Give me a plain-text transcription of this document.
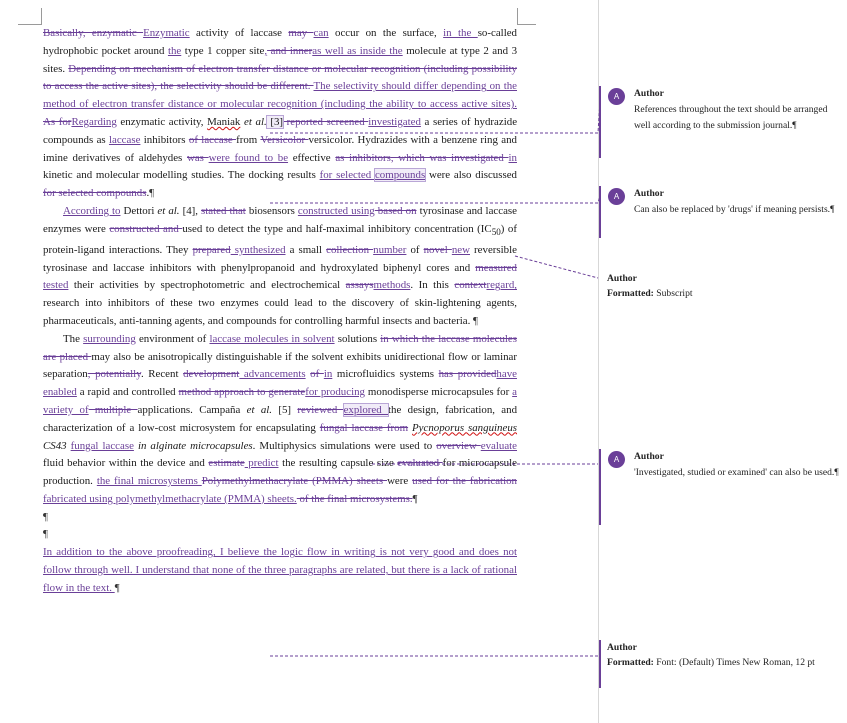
Basically, enzymatic Enzymatic activity of laccase may can occur on the surface, in the so-called hydrophobic pocket around the type 1 copper site, and inneras well as inside the molecule at type 2 and 3 sites. Depending on mechanism of electron transfer distance or molecular recognition (including possibility to access the active sites), the selectivity should be different. The selectivity should differ depending on the method of electron transfer distance or molecular recognition (including the ability to access active sites). As forRegarding enzymatic activity, Maniak et al. [3] reported screened investigated a series of hydrazide compounds as laccase inhibitors of laccase from Versicolor versicolor. Hydrazides with a benzene ring and imine derivatives of aldehydes was were found to be effective as inhibitors, which was investigated in kinetic and molecular modelling studies. The docking results for selected compounds were also discussed for selected compounds.¶

According to Dettori et al. [4], stated that biosensors constructed using based on tyrosinase and laccase enzymes were constructed and used to detect the type and half-maximal inhibitory concentration $(IC_{50})$ of protein-ligand interactions. They prepared synthesized a small collection number of novel new reversible tyrosinase and laccase inhibitors with phenylpropanoid and hydroxylated biphenyl cores and measured tested their activities by spectrophotometric and electrochemical assaysmethods. In this contextregard, research into inhibitors of these two enzymes could lead to the discovery of skin-lightening agents, pharmaceuticals, anti-tanning agents, and compounds for controlling harmful insects and bacteria. ¶

The surrounding environment of laccase molecules in solvent solutions in which the laccase molecules are placed may also be anisotropically distinguishable if the solvent exhibits unidirectional flow or laminar separation, potentially. Recent development advancements of in microfluidics systems has providedhave enabled a rapid and controlled method approach to generatefor producing monodisperse microcapsules for a variety of multiple applications. Campaña et al. [5] reviewed explored the design, fabrication, and characterization of a low-cost microsystem for encapsulating fungal laccase from Pycnoporus sanguineus CS43 fungal laccase in alginate microcapsules. Multiphysics simulations were used to overview evaluate fluid behavior within the device and estimate predict the resulting capsule size evaluated for microcapsule production. the final microsystems Polymethylmethacrylate (PMMA) sheets were used for the fabrication fabricated using polymethylmethacrylate (PMMA) sheets. of the final microsystems.¶

¶

¶

In addition to the above proofreading, I believe the logic flow in writing is not very good and does not follow through well. I understand that none of the three paragraphs are related, but there is a lack of rational flow in the text. ¶

A	Author
References throughout the text should be arranged well according to the submission journal.¶
A	Author
Can also be replaced by 'drugs' if meaning persists.¶
Author
Formatted: Subscript
A	Author
'Investigated, studied or examined' can also be used.¶
Author
Formatted: Font: (Default) Times New Roman, 12 pt
